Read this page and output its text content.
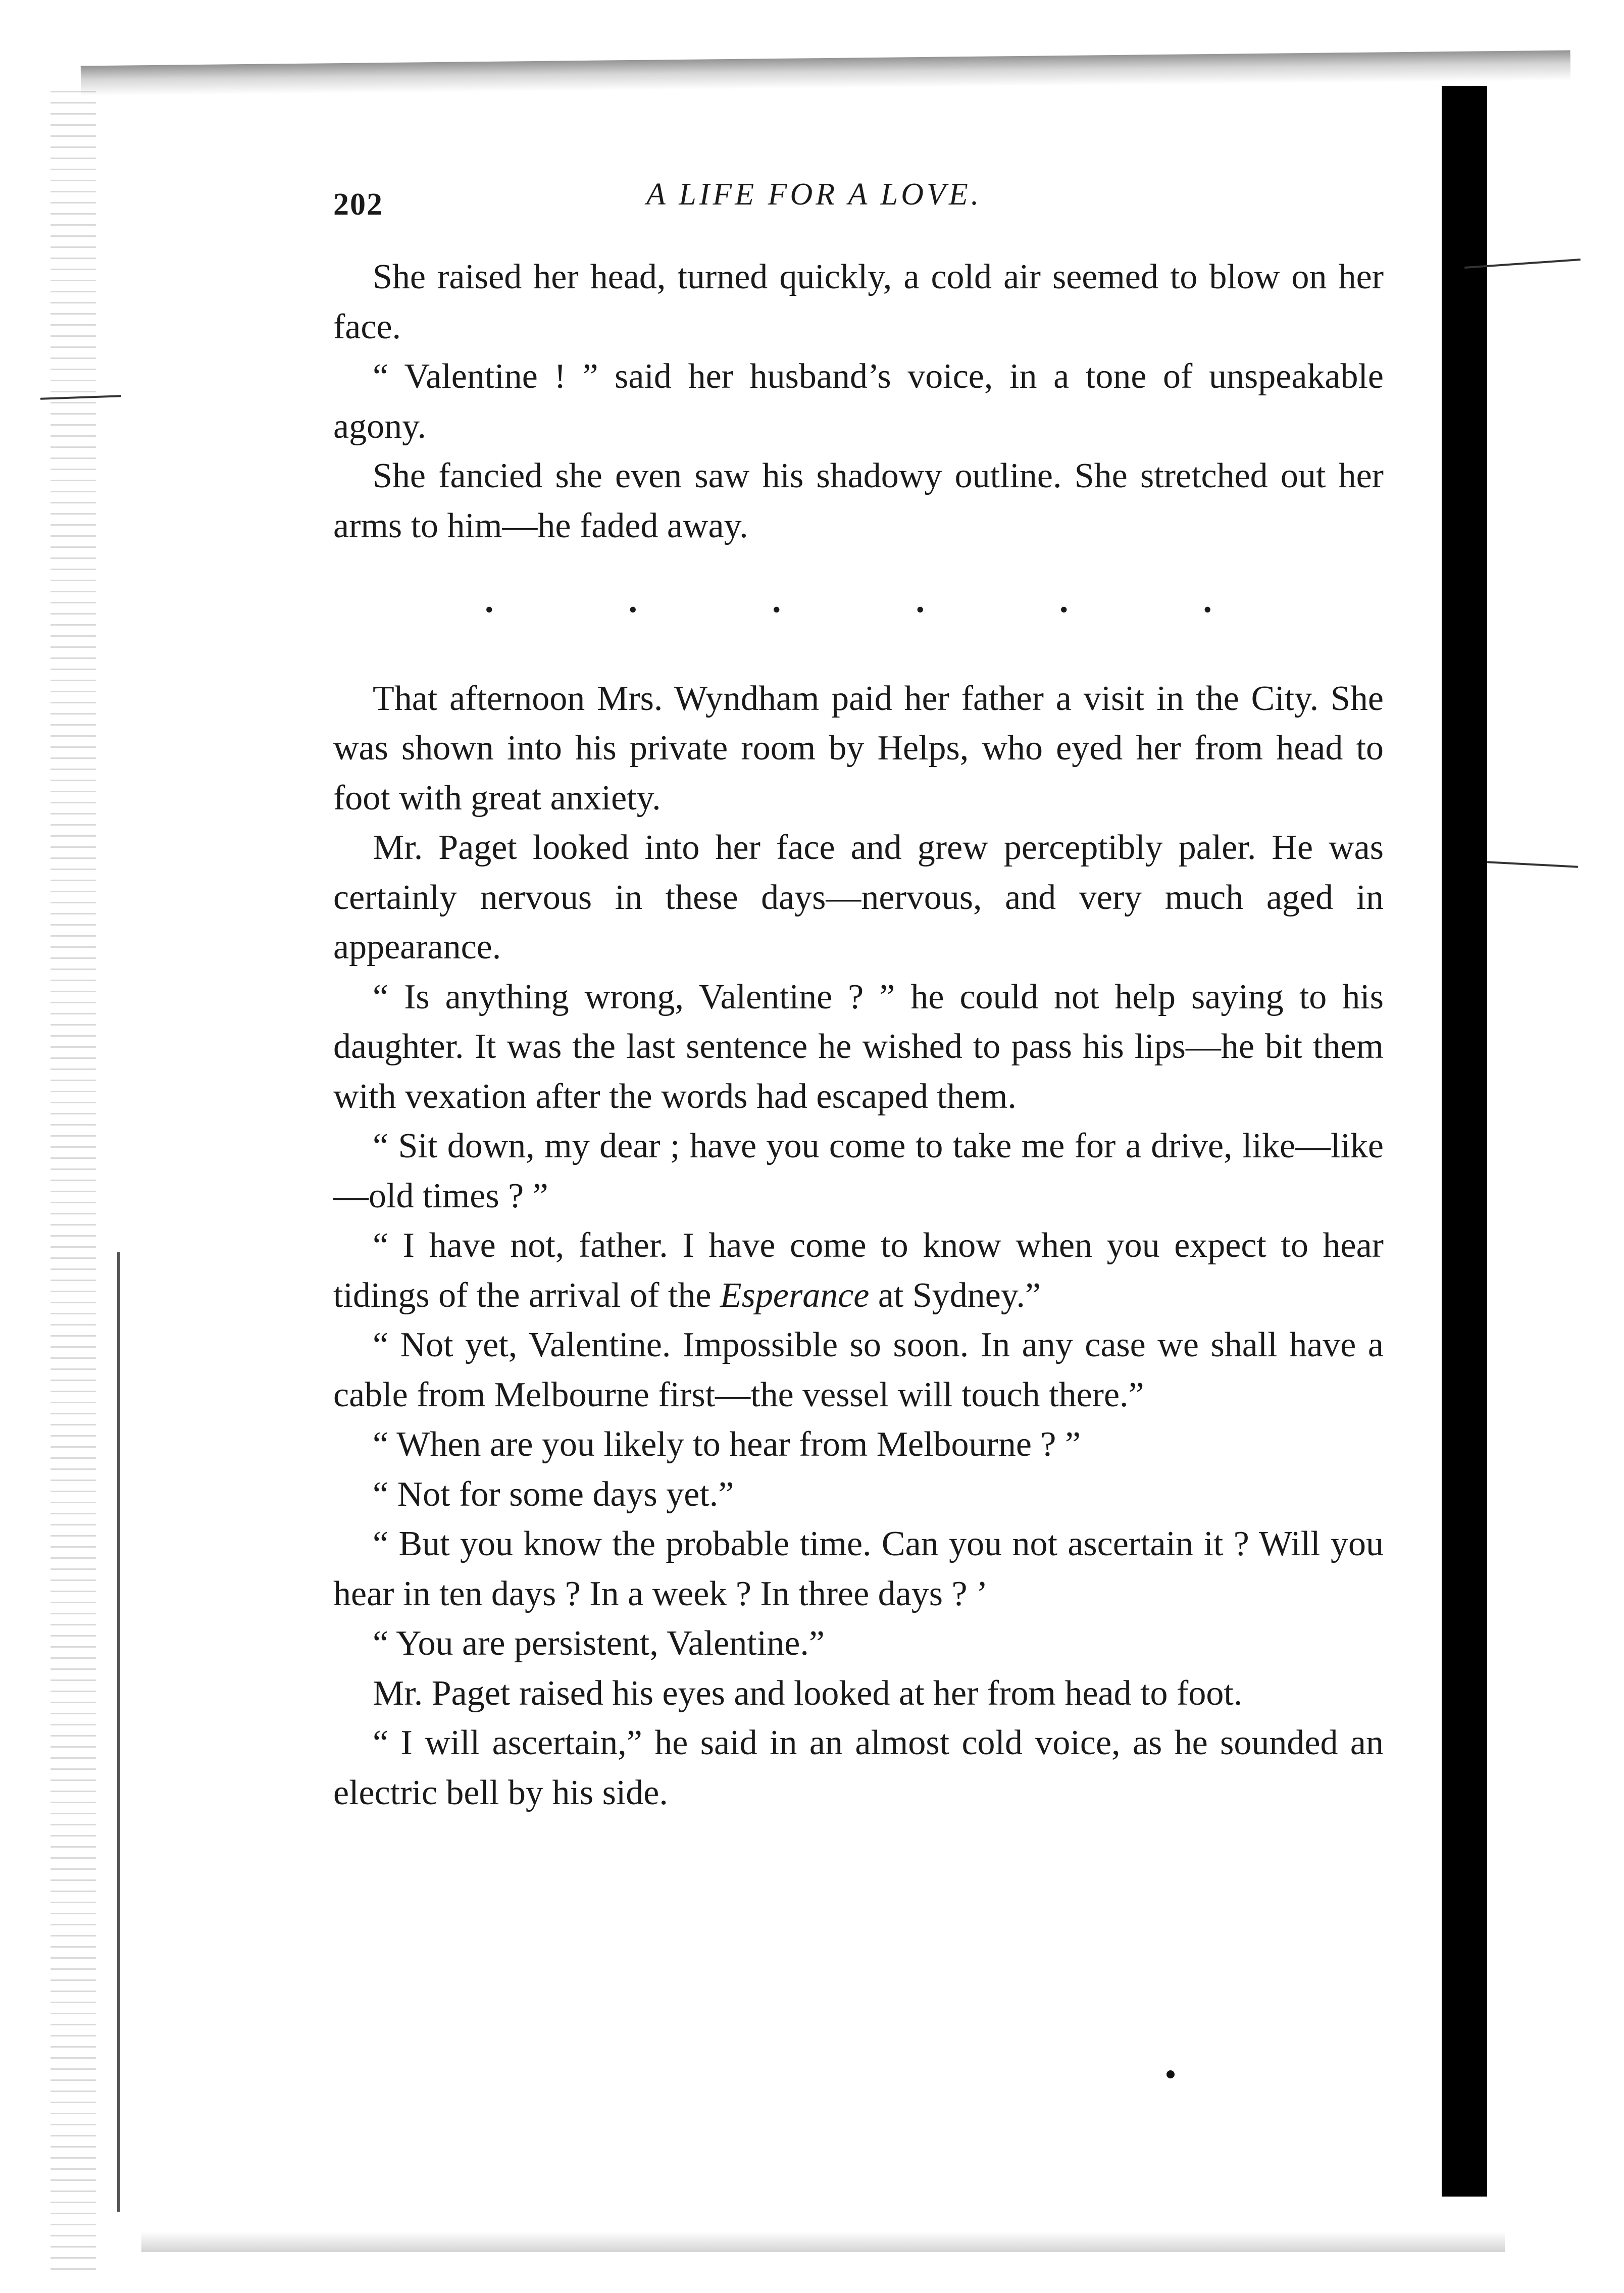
202	A LIFE FOR A LOVE.

She raised her head, turned quickly, a cold air seemed to blow on her face.

“ Valentine ! ” said her husband’s voice, in a tone of unspeakable agony.

She fancied she even saw his shadowy outline. She stretched out her arms to him—he faded away.

.	.	.	.	.	.

That afternoon Mrs. Wyndham paid her father a visit in the City. She was shown into his private room by Helps, who eyed her from head to foot with great anxiety.

Mr. Paget looked into her face and grew perceptibly paler. He was certainly nervous in these days—nervous, and very much aged in appearance.

“ Is anything wrong, Valentine ? ” he could not help saying to his daughter. It was the last sentence he wished to pass his lips—he bit them with vexation after the words had escaped them.

“ Sit down, my dear ; have you come to take me for a drive, like—like—old times ? ”

“ I have not, father. I have come to know when you expect to hear tidings of the arrival of the Esperance at Sydney.”

“ Not yet, Valentine. Impossible so soon. In any case we shall have a cable from Melbourne first—the vessel will touch there.”

“ When are you likely to hear from Melbourne ? ”

“ Not for some days yet.”

“ But you know the probable time. Can you not ascertain it ? Will you hear in ten days ? In a week ? In three days ? ’

“ You are persistent, Valentine.”

Mr. Paget raised his eyes and looked at her from head to foot.

“ I will ascertain,” he said in an almost cold voice, as he sounded an electric bell by his side.
